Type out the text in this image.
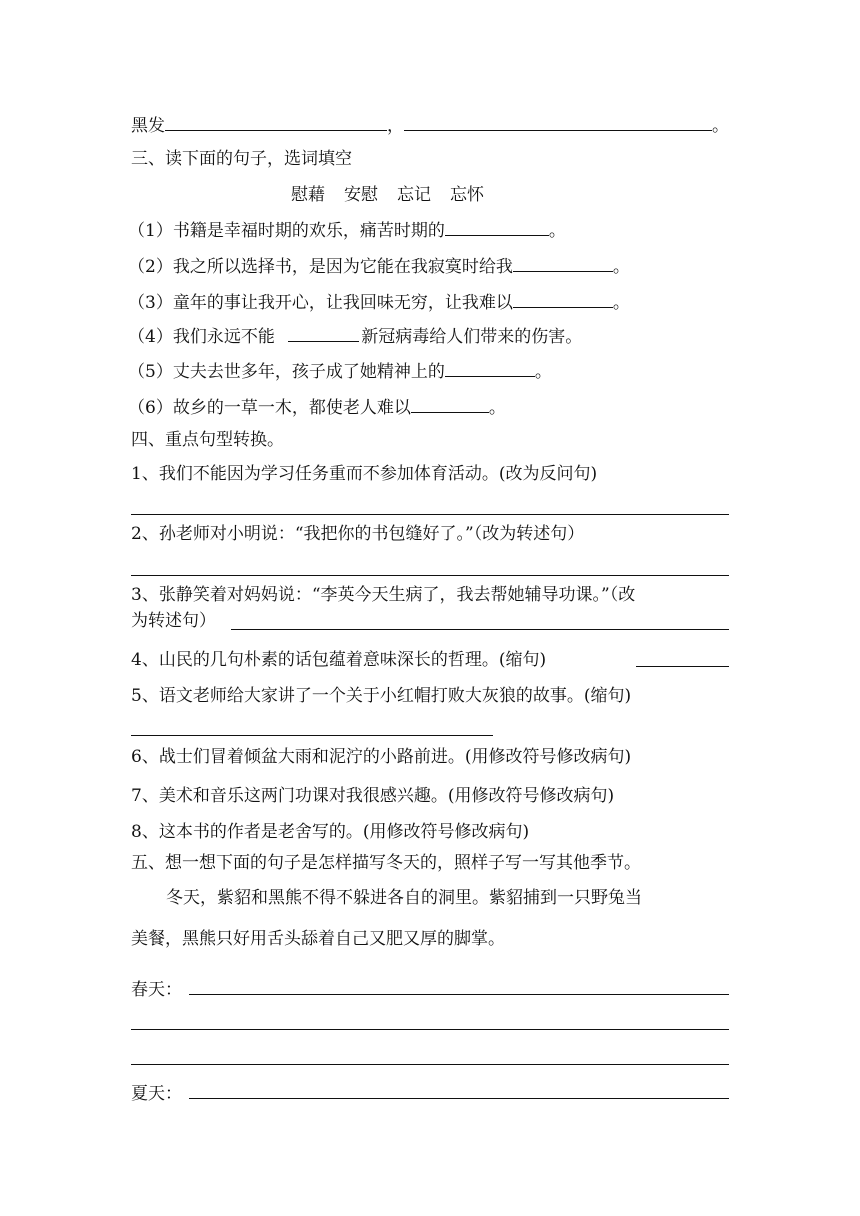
黑发	，	。
三、读下面的句子，选词填空
慰藉 安慰 忘记 忘怀
（1）书籍是幸福时期的欢乐，痛苦时期的	。
（2）我之所以选择书，是因为它能在我寂寞时给我	。
（3）童年的事让我开心，让我回味无穷，让我难以	。
（4）我们永远不能	新冠病毒给人们带来的伤害。
（5）丈夫去世多年，孩子成了她精神上的	。
（6）故乡的一草一木，都使老人难以	。
四、重点句型转换。
1、我们不能因为学习任务重而不参加体育活动。(改为反问句)
2、孙老师对小明说：“我把你的书包缝好了。”（改为转述句）
3、张静笑着对妈妈说：“李英今天生病了，我去帮她辅导功课。”（改
为转述句）
4、山民的几句朴素的话包蕴着意味深长的哲理。(缩句)
5、语文老师给大家讲了一个关于小红帽打败大灰狼的故事。(缩句)
6、战士们冒着倾盆大雨和泥泞的小路前进。(用修改符号修改病句)
7、美术和音乐这两门功课对我很感兴趣。(用修改符号修改病句)
8、这本书的作者是老舍写的。(用修改符号修改病句)
五、想一想下面的句子是怎样描写冬天的，照样子写一写其他季节。
冬天，紫貂和黑熊不得不躲进各自的洞里。紫貂捕到一只野兔当
美餐，黑熊只好用舌头舔着自己又肥又厚的脚掌。
春天：
夏天：
